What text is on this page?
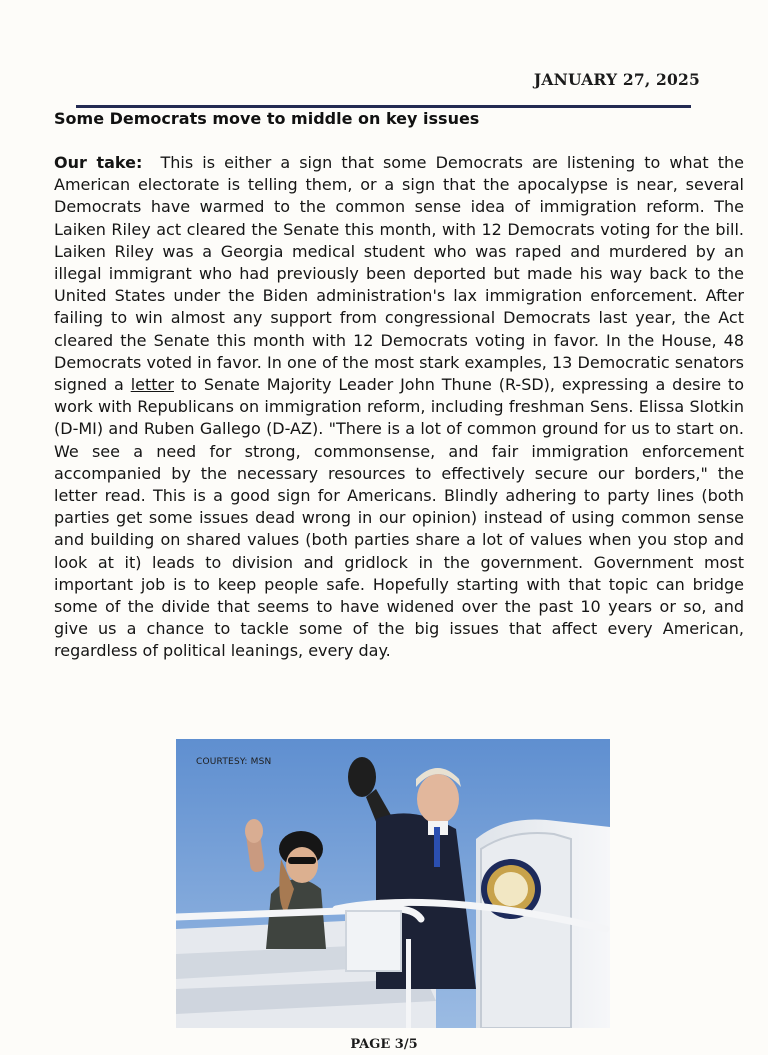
JANUARY 27, 2025
Some Democrats move to middle on key issues

Our take: This is either a sign that some Democrats are listening to what the American electorate is telling them, or a sign that the apocalypse is near, several Democrats have warmed to the common sense idea of immigration reform. The Laiken Riley act cleared the Senate this month, with 12 Democrats voting for the bill. Laiken Riley was a Georgia medical student who was raped and murdered by an illegal immigrant who had previously been deported but made his way back to the United States under the Biden administration's lax immigration enforcement. After failing to win almost any support from congressional Democrats last year, the Act cleared the Senate this month with 12 Democrats voting in favor. In the House, 48 Democrats voted in favor. In one of the most stark examples, 13 Democratic senators signed a letter to Senate Majority Leader John Thune (R-SD), expressing a desire to work with Republicans on immigration reform, including freshman Sens. Elissa Slotkin (D-MI) and Ruben Gallego (D-AZ). "There is a lot of common ground for us to start on. We see a need for strong, commonsense, and fair immigration enforcement accompanied by the necessary resources to effectively secure our borders," the letter read. This is a good sign for Americans. Blindly adhering to party lines (both parties get some issues dead wrong in our opinion) instead of using common sense and building on shared values (both parties share a lot of values when you stop and look at it) leads to division and gridlock in the government. Government most important job is to keep people safe. Hopefully starting with that topic can bridge some of the divide that seems to have widened over the past 10 years or so, and give us a chance to tackle some of the big issues that affect every American, regardless of political leanings, every day.

COURTESY: MSN
PAGE 3/5
